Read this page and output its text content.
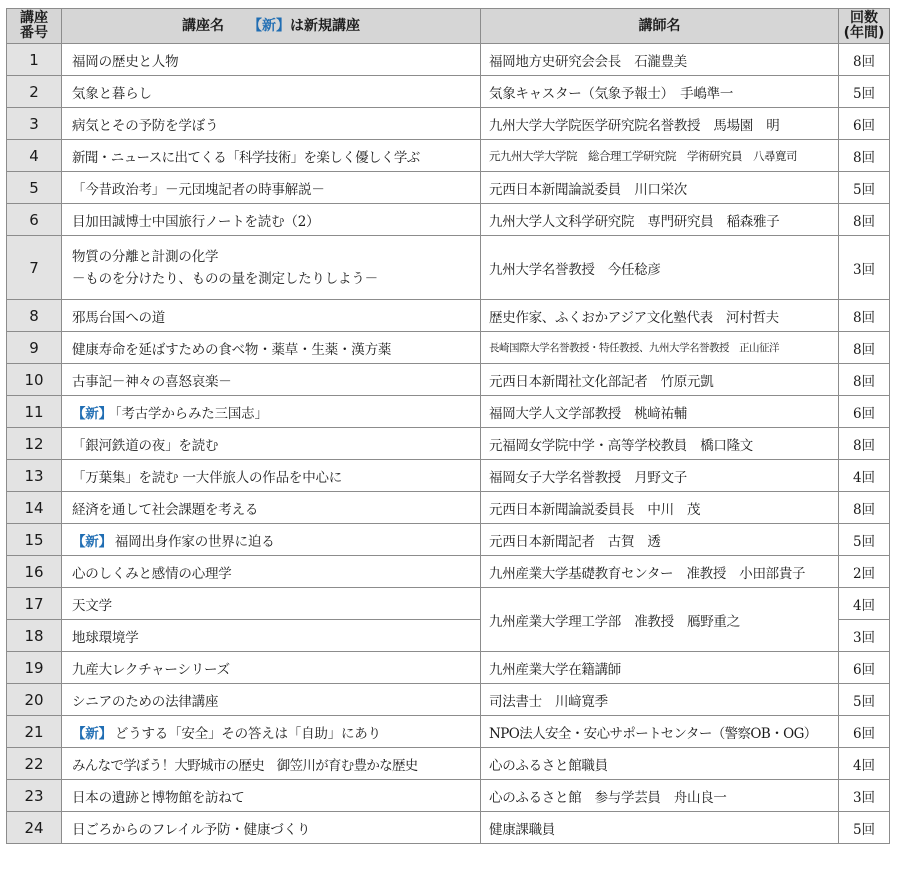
講座
番号	講座名 【新】は新規講座	講師名	回数
(年間)
1	福岡の歴史と人物	福岡地方史研究会会長　石瀧豊美	8回
2	気象と暮らし	気象キャスター（気象予報士）　手嶋準一	5回
3	病気とその予防を学ぼう	九州大学大学院医学研究院名誉教授　馬場園　明	6回
4	新聞・ニュースに出てくる「科学技術」を楽しく優しく学ぶ	元九州大学大学院　総合理工学研究院　学術研究員　八尋寛司	8回
5	「今昔政治考」－元団塊記者の時事解説－	元西日本新聞論説委員　川口栄次	5回
6	目加田誠博士中国旅行ノートを読む（2）	九州大学人文科学研究院　専門研究員　稲森雅子	8回
7	物質の分離と計測の化学
－ものを分けたり、ものの量を測定したりしよう－	九州大学名誉教授　今任稔彦	3回
8	邪馬台国への道	歴史作家、ふくおかアジア文化塾代表　河村哲夫	8回
9	健康寿命を延ばすための食べ物・薬草・生薬・漢方薬	長崎国際大学名誉教授・特任教授、九州大学名誉教授　正山征洋	8回
10	古事記－神々の喜怒哀楽－	元西日本新聞社文化部記者　竹原元凱	8回
11	【新】 「考古学からみた三国志」	福岡大学人文学部教授　桃﨑祐輔	6回
12	「銀河鉄道の夜」を読む	元福岡女学院中学・高等学校教員　橋口隆文	8回
13	「万葉集」を読む 一大伴旅人の作品を中心に	福岡女子大学名誉教授　月野文子	4回
14	経済を通して社会課題を考える	元西日本新聞論説委員長　中川　茂	8回
15	【新】 福岡出身作家の世界に迫る	元西日本新聞記者　古賀　透	5回
16	心のしくみと感情の心理学	九州産業大学基礎教育センター　准教授　小田部貴子	2回
17	天文学	九州産業大学理工学部　准教授　鴈野重之	4回
18	地球環境学		3回
19	九産大レクチャーシリーズ	九州産業大学在籍講師	6回
20	シニアのための法律講座	司法書士　川﨑寛季	5回
21	【新】 どうする「安全」その答えは「自助」にあり	NPO法人安全・安心サポートセンター（警察OB・OG）	6回
22	みんなで学ぼう！大野城市の歴史　御笠川が育む豊かな歴史	心のふるさと館職員	4回
23	日本の遺跡と博物館を訪ねて	心のふるさと館　参与学芸員　舟山良一	3回
24	日ごろからのフレイル予防・健康づくり	健康課職員	5回
